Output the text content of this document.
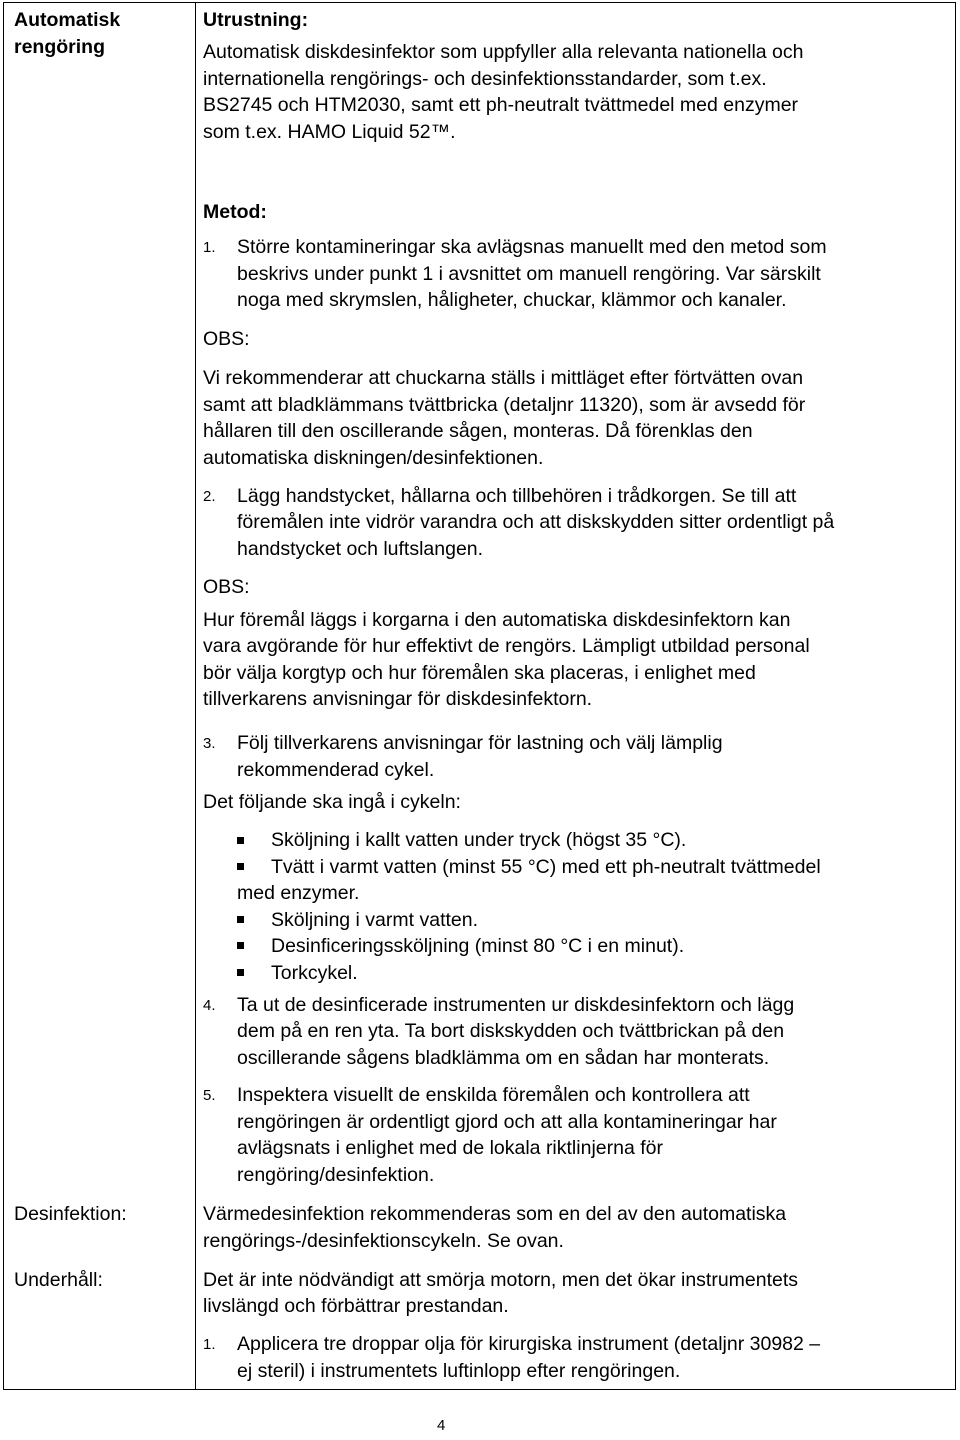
Automatisk
rengöring
Desinfektion:
Underhåll:
Utrustning:
Automatisk diskdesinfektor som uppfyller alla relevanta nationella och
internationella rengörings- och desinfektionsstandarder, som t.ex.
BS2745 och HTM2030, samt ett ph-neutralt tvättmedel med enzymer
som t.ex. HAMO Liquid 52™.
Metod:
1. Större kontamineringar ska avlägsnas manuellt med den metod som
beskrivs under punkt 1 i avsnittet om manuell rengöring. Var särskilt
noga med skrymslen, håligheter, chuckar, klämmor och kanaler.
OBS:
Vi rekommenderar att chuckarna ställs i mittläget efter förtvätten ovan
samt att bladklämmans tvättbricka (detaljnr 11320), som är avsedd för
hållaren till den oscillerande sågen, monteras. Då förenklas den
automatiska diskningen/desinfektionen.
2. Lägg handstycket, hållarna och tillbehören i trådkorgen. Se till att
föremålen inte vidrör varandra och att diskskydden sitter ordentligt på
handstycket och luftslangen.
OBS:
Hur föremål läggs i korgarna i den automatiska diskdesinfektorn kan
vara avgörande för hur effektivt de rengörs. Lämpligt utbildad personal
bör välja korgtyp och hur föremålen ska placeras, i enlighet med
tillverkarens anvisningar för diskdesinfektorn.
3. Följ tillverkarens anvisningar för lastning och välj lämplig
rekommenderad cykel.
Det följande ska ingå i cykeln:
Sköljning i kallt vatten under tryck (högst 35 °C).
Tvätt i varmt vatten (minst 55 °C) med ett ph-neutralt tvättmedel
med enzymer.
Sköljning i varmt vatten.
Desinficeringssköljning (minst 80 °C i en minut).
Torkcykel.
4. Ta ut de desinficerade instrumenten ur diskdesinfektorn och lägg
dem på en ren yta. Ta bort diskskydden och tvättbrickan på den
oscillerande sågens bladklämma om en sådan har monterats.
5. Inspektera visuellt de enskilda föremålen och kontrollera att
rengöringen är ordentligt gjord och att alla kontamineringar har
avlägsnats i enlighet med de lokala riktlinjerna för
rengöring/desinfektion.
Värmedesinfektion rekommenderas som en del av den automatiska
rengörings-/desinfektionscykeln. Se ovan.
Det är inte nödvändigt att smörja motorn, men det ökar instrumentets
livslängd och förbättrar prestandan.
1. Applicera tre droppar olja för kirurgiska instrument (detaljnr 30982 –
ej steril) i instrumentets luftinlopp efter rengöringen.
4
